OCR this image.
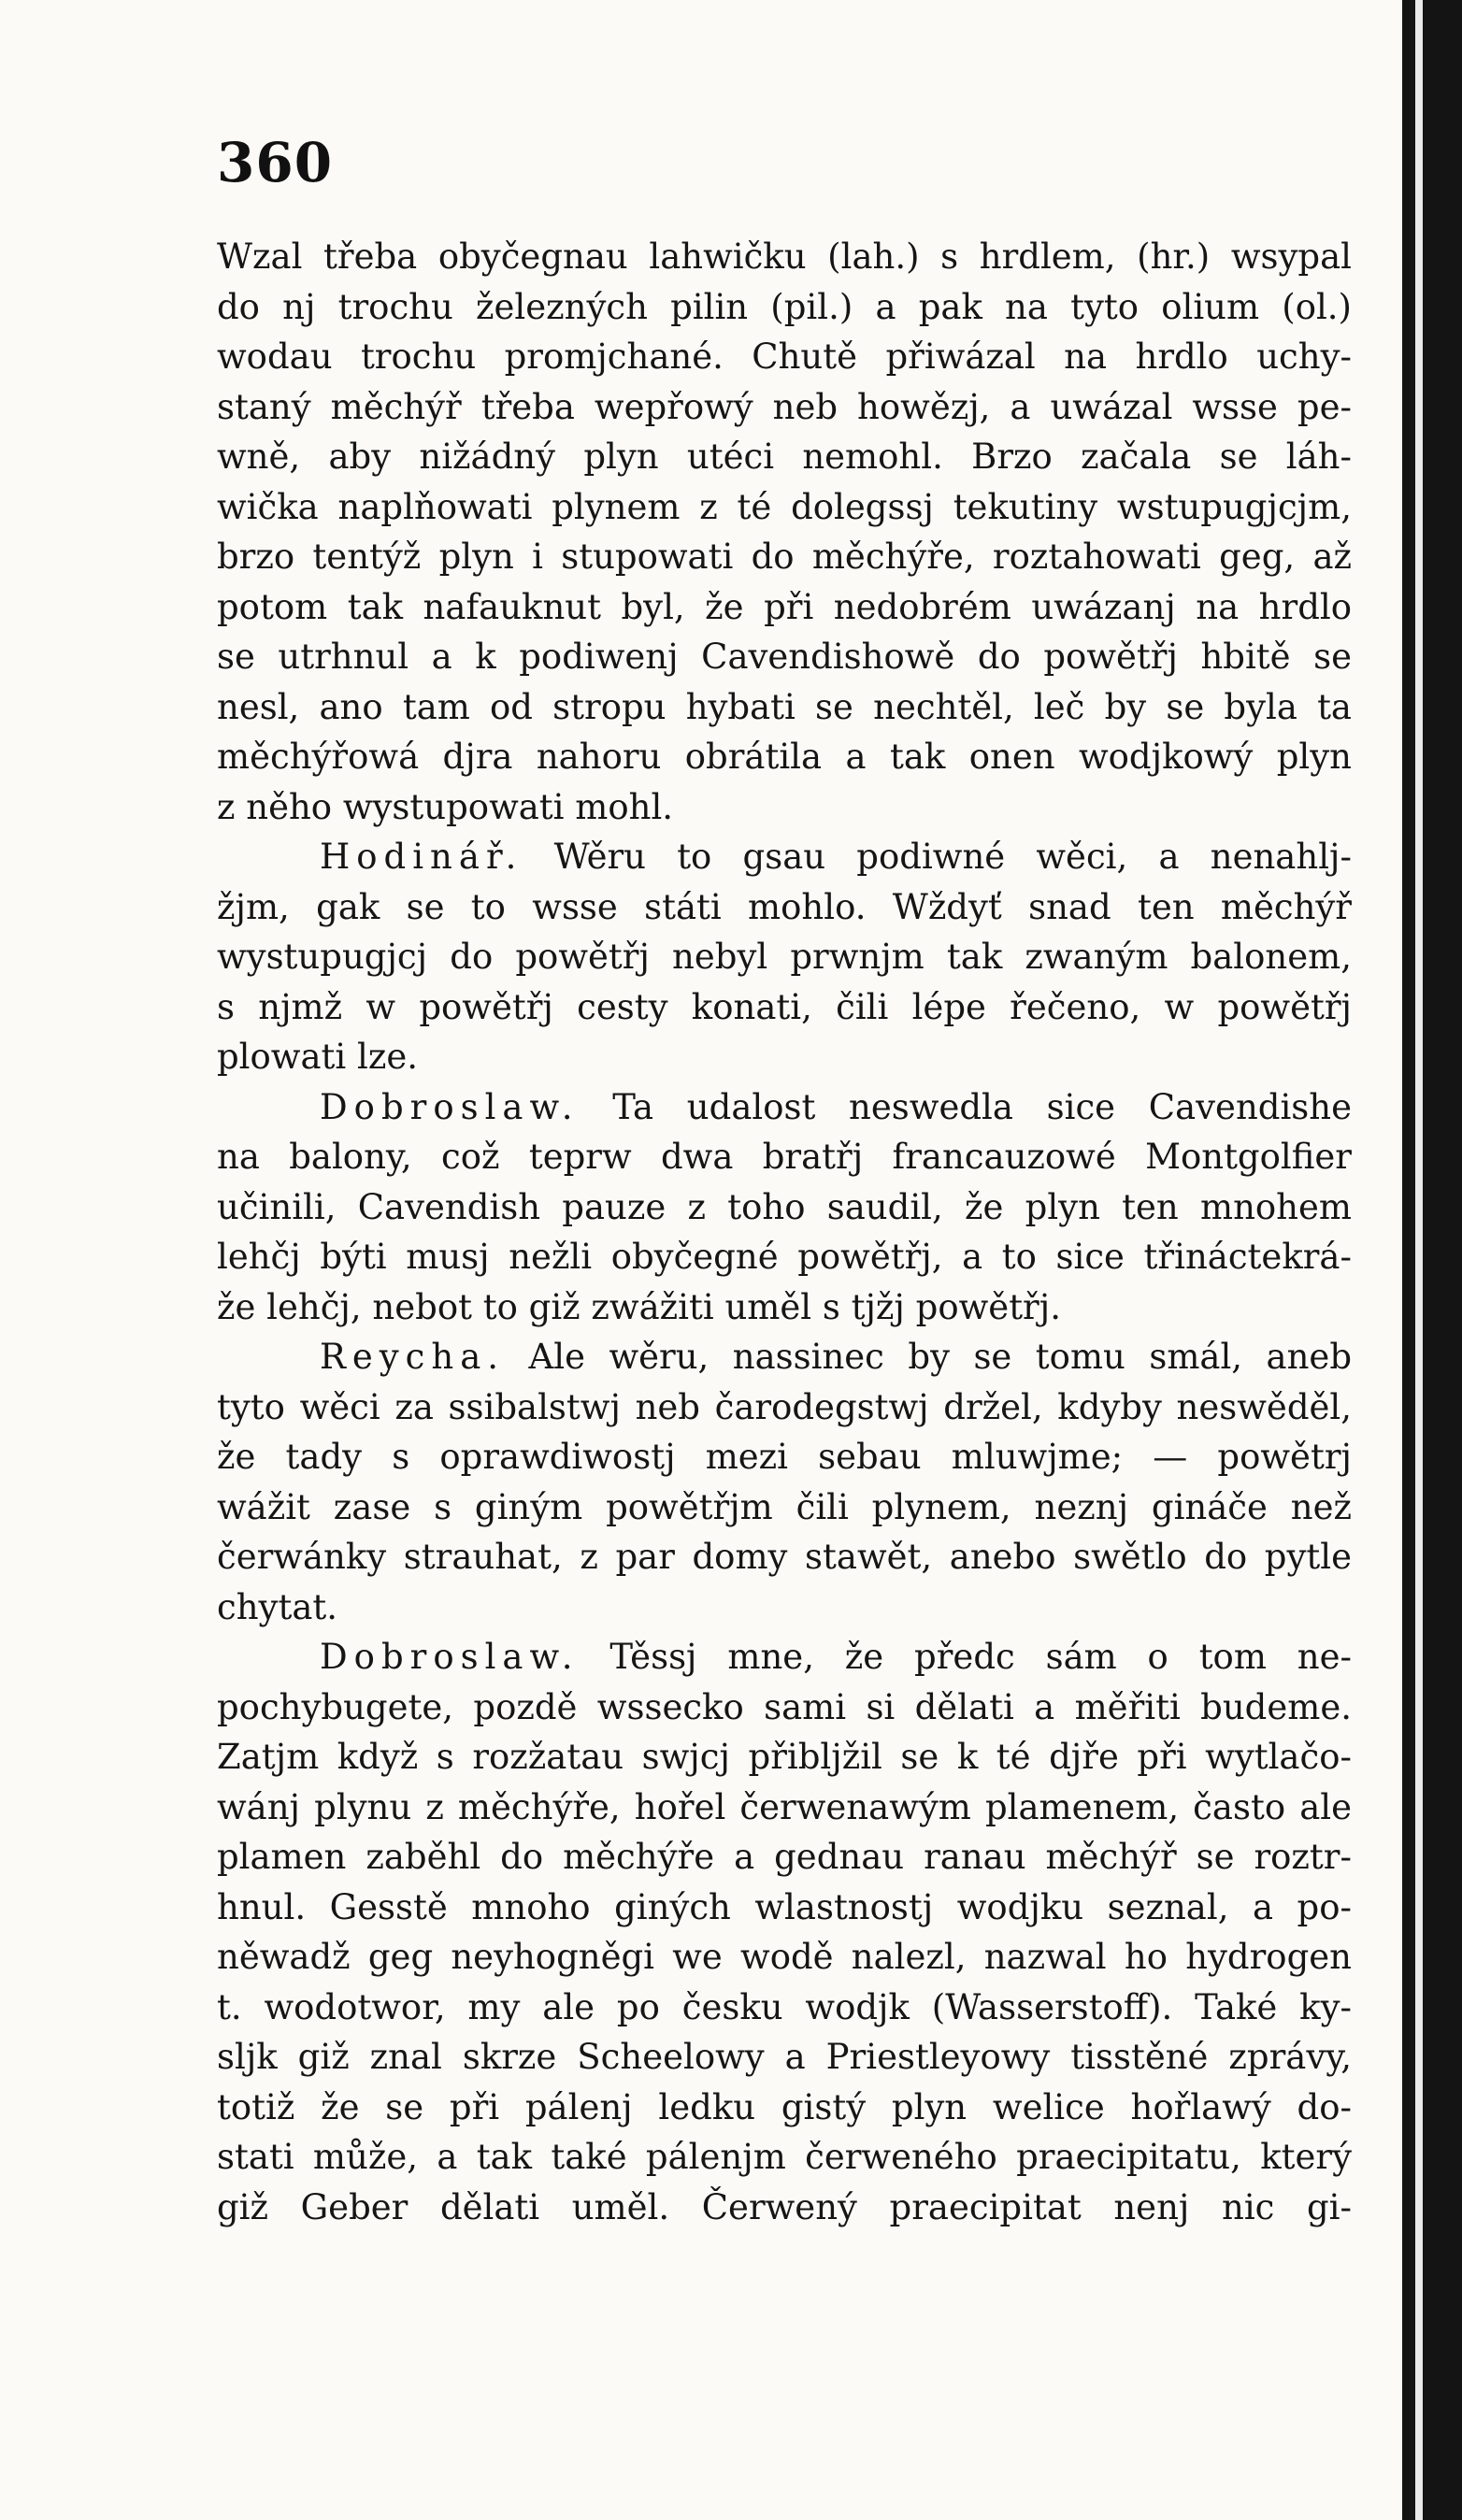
360
Wzal třeba obyčegnau lahwičku (lah.) s hrdlem, (hr.) wsypal
do nj trochu železných pilin (pil.) a pak na tyto olium (ol.)
wodau trochu promjchané. Chutě přiwázal na hrdlo uchy-
staný měchýř třeba wepřowý neb howězj, a uwázal wsse pe-
wně, aby nižádný plyn utéci nemohl. Brzo začala se láh-
wička naplňowati plynem z té dolegssj tekutiny wstupugjcjm,
brzo tentýž plyn i stupowati do měchýře, roztahowati geg, až
potom tak nafauknut byl, že při nedobrém uwázanj na hrdlo
se utrhnul a k podiwenj Cavendishowě do powětřj hbitě se
nesl, ano tam od stropu hybati se nechtěl, leč by se byla ta
měchýřowá djra nahoru obrátila a tak onen wodjkowý plyn
z něho wystupowati mohl.
Hodinář. Wěru to gsau podiwné wěci, a nenahlj-
žjm, gak se to wsse státi mohlo. Wždyť snad ten měchýř
wystupugjcj do powětřj nebyl prwnjm tak zwaným balonem,
s njmž w powětřj cesty konati, čili lépe řečeno, w powětřj
plowati lze.
Dobroslaw. Ta udalost neswedla sice Cavendishe
na balony, což teprw dwa bratřj francauzowé Montgolfier
učinili, Cavendish pauze z toho saudil, že plyn ten mnohem
lehčj býti musj nežli obyčegné powětřj, a to sice třináctekrá-
že lehčj, nebot to giž zwážiti uměl s tjžj powětřj.
Reycha. Ale wěru, nassinec by se tomu smál, aneb
tyto wěci za ssibalstwj neb čarodegstwj držel, kdyby neswěděl,
že tady s oprawdiwostj mezi sebau mluwjme; — powětrj
wážit zase s giným powětřjm čili plynem, neznj gináče než
čerwánky strauhat, z par domy stawět, anebo swětlo do pytle
chytat.
Dobroslaw. Těssj mne, že předc sám o tom ne-
pochybugete, pozdě wssecko sami si dělati a měřiti budeme.
Zatjm když s rozžatau swjcj přiblјžil se k té djře při wytlačo-
wánj plynu z měchýře, hořel čerwenawým plamenem, často ale
plamen zaběhl do měchýře a gednau ranau měchýř se roztr-
hnul. Gesstě mnoho giných wlastnostj wodjku seznal, a po-
něwadž geg neyhogněgi we wodě nalezl, nazwal ho hydrogen
t. wodotwor, my ale po česku wodjk (Wasserstoff). Také ky-
slјk giž znal skrze Scheelowy a Priestleyowy tisstěné zprávy,
totiž že se při pálenj ledku gistý plyn welice hořlawý do-
stati může, a tak také pálenjm čerweného praecipitatu, který
giž Geber dělati uměl. Čerwený praecipitat nenj nic gi-
